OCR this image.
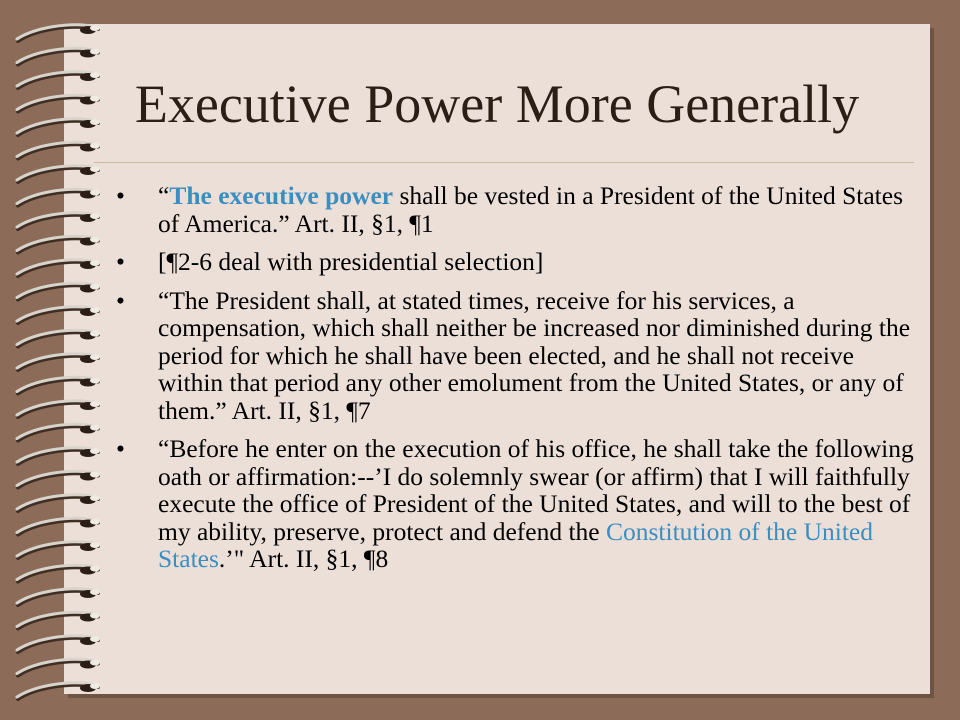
Executive Power More Generally
• “The executive power shall be vested in a President of the United States of America.” Art. II, §1, ¶1
• [¶2-6 deal with presidential selection]
• “The President shall, at stated times, receive for his services, a compensation, which shall neither be increased nor diminished during the period for which he shall have been elected, and he shall not receive within that period any other emolument from the United States, or any of them.” Art. II, §1, ¶7
• “Before he enter on the execution of his office, he shall take the following oath or affirmation:--’I do solemnly swear (or affirm) that I will faithfully execute the office of President of the United States, and will to the best of my ability, preserve, protect and defend the Constitution of the United States.’" Art. II, §1, ¶8
